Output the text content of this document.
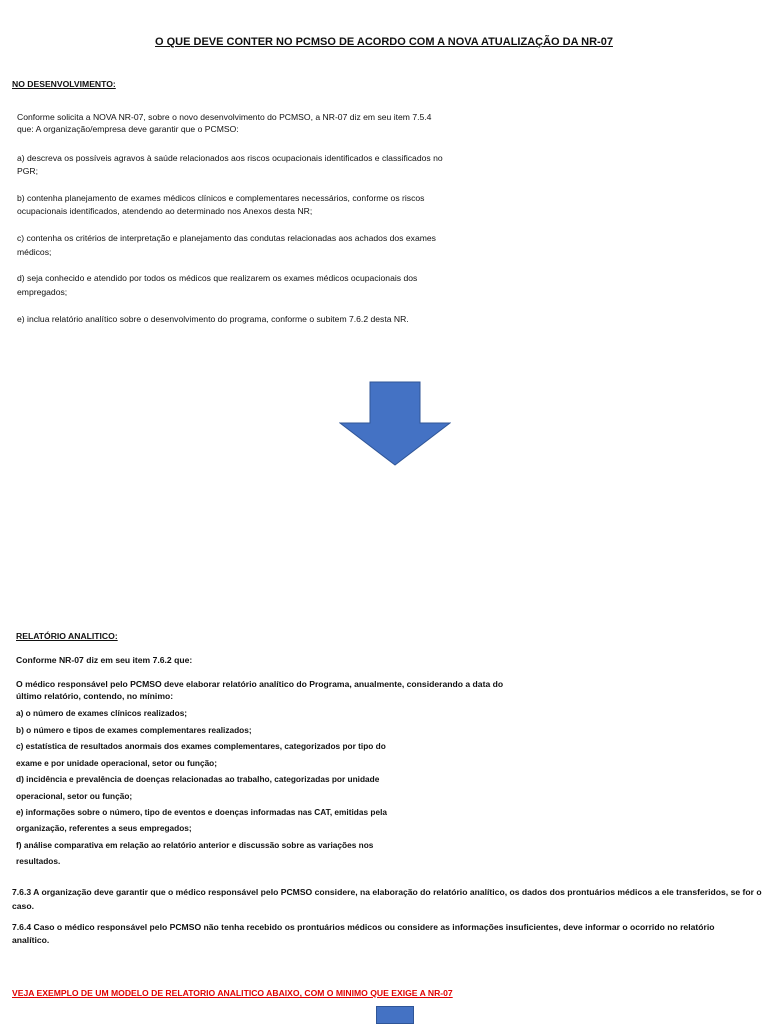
O QUE DEVE CONTER NO PCMSO DE ACORDO COM A NOVA ATUALIZAÇÃO DA NR-07
NO DESENVOLVIMENTO:
Conforme solicita a NOVA NR-07, sobre o novo desenvolvimento do PCMSO, a NR-07 diz em seu item 7.5.4
que: A organização/empresa deve garantir que o PCMSO:
a) descreva os possíveis agravos à saúde relacionados aos riscos ocupacionais identificados e classificados no
PGR;
b) contenha planejamento de exames médicos clínicos e complementares necessários, conforme os riscos
ocupacionais identificados, atendendo ao determinado nos Anexos desta NR;
c) contenha os critérios de interpretação e planejamento das condutas relacionadas aos achados dos exames
médicos;
d) seja conhecido e atendido por todos os médicos que realizarem os exames médicos ocupacionais dos
empregados;
e) inclua relatório analítico sobre o desenvolvimento do programa, conforme o subitem 7.6.2 desta NR.
RELATÓRIO ANALITICO:
Conforme NR-07 diz em seu item 7.6.2 que:
O médico responsável pelo PCMSO deve elaborar relatório analítico do Programa, anualmente, considerando a data do
último relatório, contendo, no mínimo:
a) o número de exames clínicos realizados;
b) o número e tipos de exames complementares realizados;
c) estatística de resultados anormais dos exames complementares, categorizados por tipo do
exame e por unidade operacional, setor ou função;
d) incidência e prevalência de doenças relacionadas ao trabalho, categorizadas por unidade
operacional, setor ou função;
e) informações sobre o número, tipo de eventos e doenças informadas nas CAT, emitidas pela
organização, referentes a seus empregados;
f) análise comparativa em relação ao relatório anterior e discussão sobre as variações nos
resultados.
7.6.3 A organização deve garantir que o médico responsável pelo PCMSO considere, na elaboração do relatório analítico, os dados dos prontuários médicos a ele transferidos, se for o
caso.
7.6.4 Caso o médico responsável pelo PCMSO não tenha recebido os prontuários médicos ou considere as informações insuficientes, deve informar o ocorrido no relatório
analítico.
VEJA EXEMPLO DE UM MODELO DE RELATORIO ANALITICO ABAIXO, COM O MINIMO QUE EXIGE A NR-07
